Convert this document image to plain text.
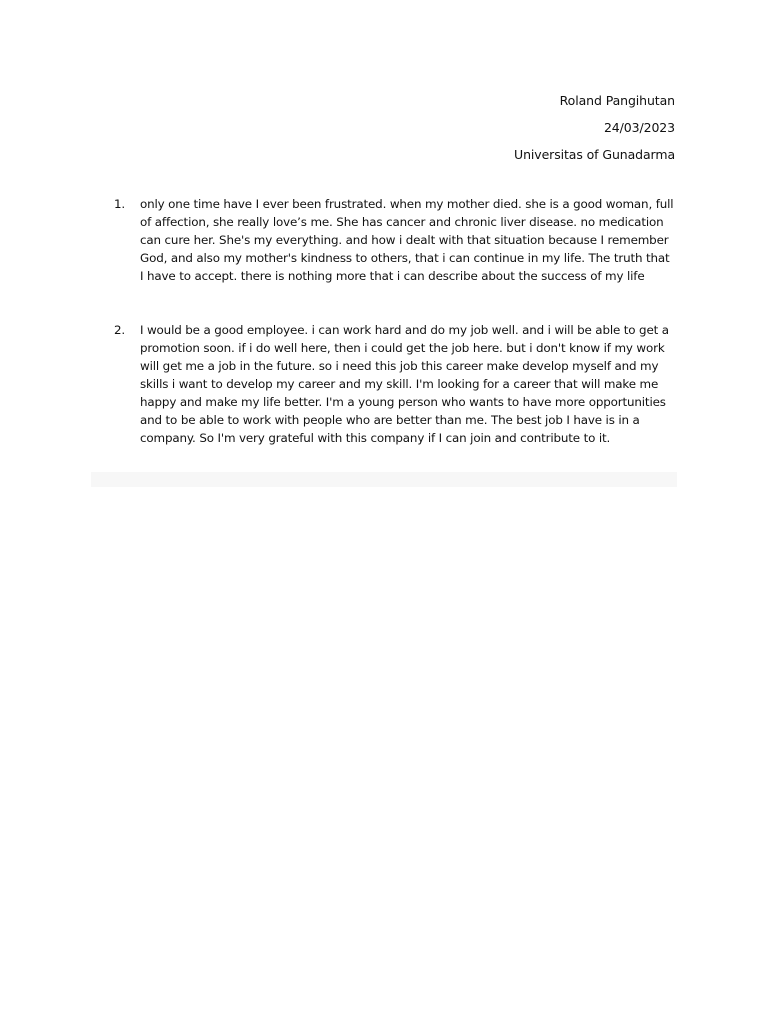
Roland Pangihutan
24/03/2023
Universitas of Gunadarma
1. only one time have I ever been frustrated. when my mother died. she is a good woman, full of affection, she really love’s me. She has cancer and chronic liver disease. no medication can cure her. She's my everything. and how i dealt with that situation because I remember God, and also my mother's kindness to others, that i can continue in my life. The truth that I have to accept. there is nothing more that i can describe about the success of my life
2. I would be a good employee. i can work hard and do my job well. and i will be able to get a promotion soon. if i do well here, then i could get the job here. but i don't know if my work will get me a job in the future. so i need this job this career make develop myself and my skills i want to develop my career and my skill. I'm looking for a career that will make me happy and make my life better. I'm a young person who wants to have more opportunities and to be able to work with people who are better than me. The best job I have is in a company. So I'm very grateful with this company if I can join and contribute to it.
